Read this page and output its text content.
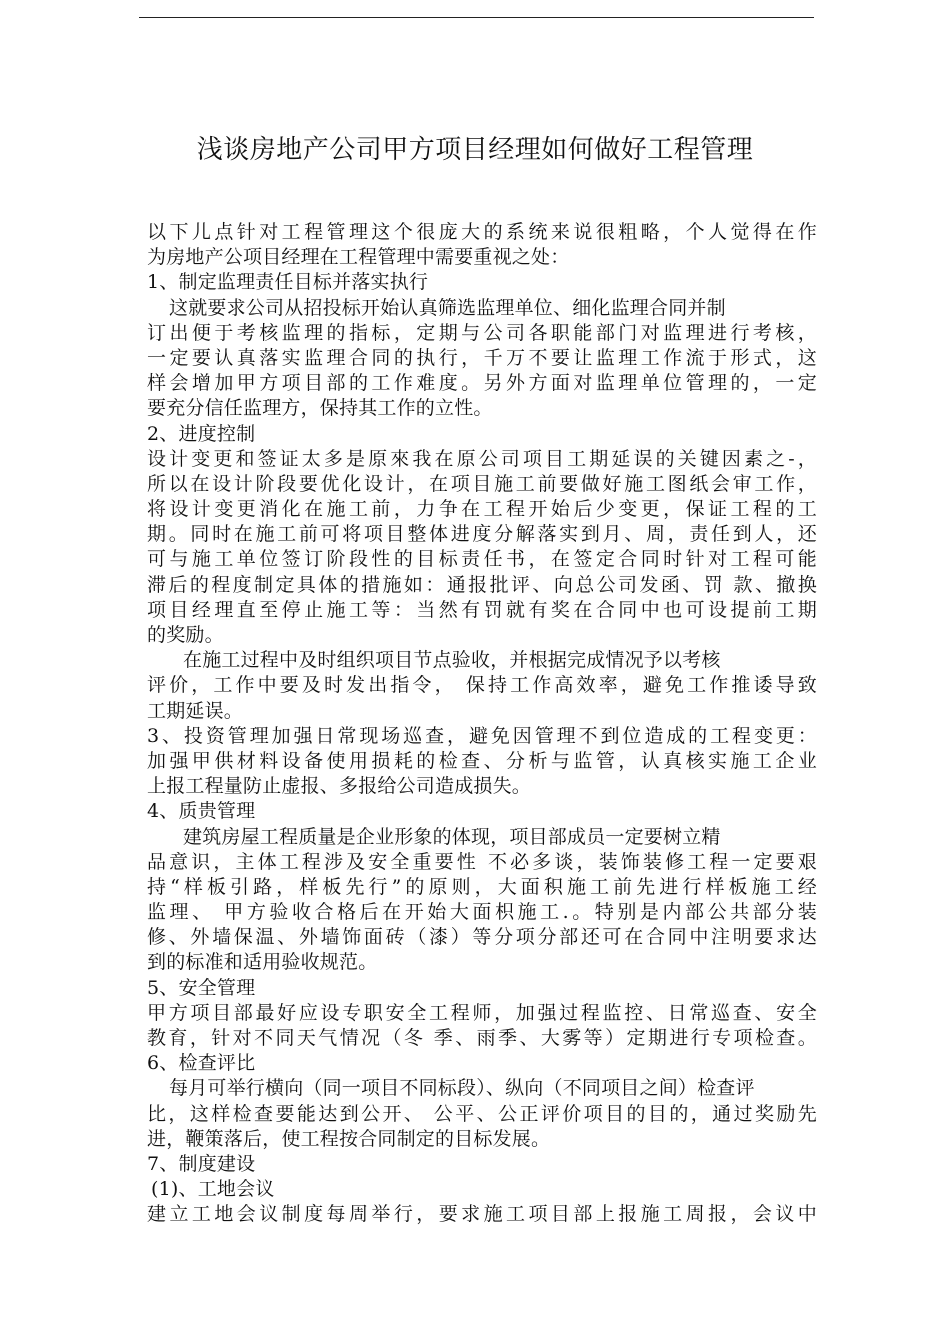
浅谈房地产公司甲方项目经理如何做好工程管理
以下儿点针对工程管理这个很庞大的系统来说很粗略，个人觉得在作
为房地产公项目经理在工程管理中需要重视之处：
1、制定监理责任目标并落实执行
这就要求公司从招投标开始认真筛选监理单位、细化监理合同并制
订出便于考核监理的指标，定期与公司各职能部门对监理进行考核，
一定要认真落实监理合同的执行，千万不要让监理工作流于形式，这
样会增加甲方项目部的工作难度。另外方面对监理单位管理的，一定
要充分信任监理方，保持其工作的立性。
2、进度控制
设计变更和签证太多是原來我在原公司项目工期延误的关键因素之-，
所以在设计阶段要优化设计，在项目施工前要做好施工图纸会审工作，
将设计变更消化在施工前，力争在工程开始后少变更，保证工程的工
期。同时在施工前可将项目整体进度分解落实到月、周，责任到人，还
可与施工单位签订阶段性的目标责任书，在签定合同时针对工程可能
滞后的程度制定具体的措施如：通报批评、向总公司发函、罚 款、撤换
项目经理直至停止施工等：当然有罚就有奖在合同中也可设提前工期
的奖励。
在施工过程中及时组织项目节点验收，并根据完成情况予以考核
评价，工作中要及时发出指令， 保持工作高效率，避免工作推诿导致
工期延误。
3、投资管理加强日常现场巡查，避免因管理不到位造成的工程变更：
加强甲供材料设备使用损耗的检查、分析与监管，认真核实施工企业
上报工程量防止虚报、多报给公司造成损失。
4、质贵管理
建筑房屋工程质量是企业形象的体现，项目部成员一定要树立精
品意识，主体工程涉及安全重要性 不必多谈，装饰装修工程一定要艰
持“样板引路，样板先行”的原则，大面积施工前先进行样板施工经
监理、 甲方验收合格后在开始大面枳施工.。特别是内部公共部分装
修、外墙保温、外墙饰面砖（漆）等分项分部还可在合同中注明要求达
到的标准和适用验收规范。
5、安全管理
甲方项目部最好应设专职安全工程师，加强过程监控、日常巡查、安全
教育，针对不同天气情况（冬 季、雨季、大雾等）定期进行专项检查。
6、检查评比
每月可举行横向（同一项目不同标段）、纵向（不同项目之间）检查评
比，这样检查要能达到公开、 公平、公正评价项目的目的，通过奖励先
进，鞭策落后，使工程按合同制定的目标发展。
7、制度建设
(1)、工地会议
建立工地会议制度每周举行，要求施工项目部上报施工周报，会议中
